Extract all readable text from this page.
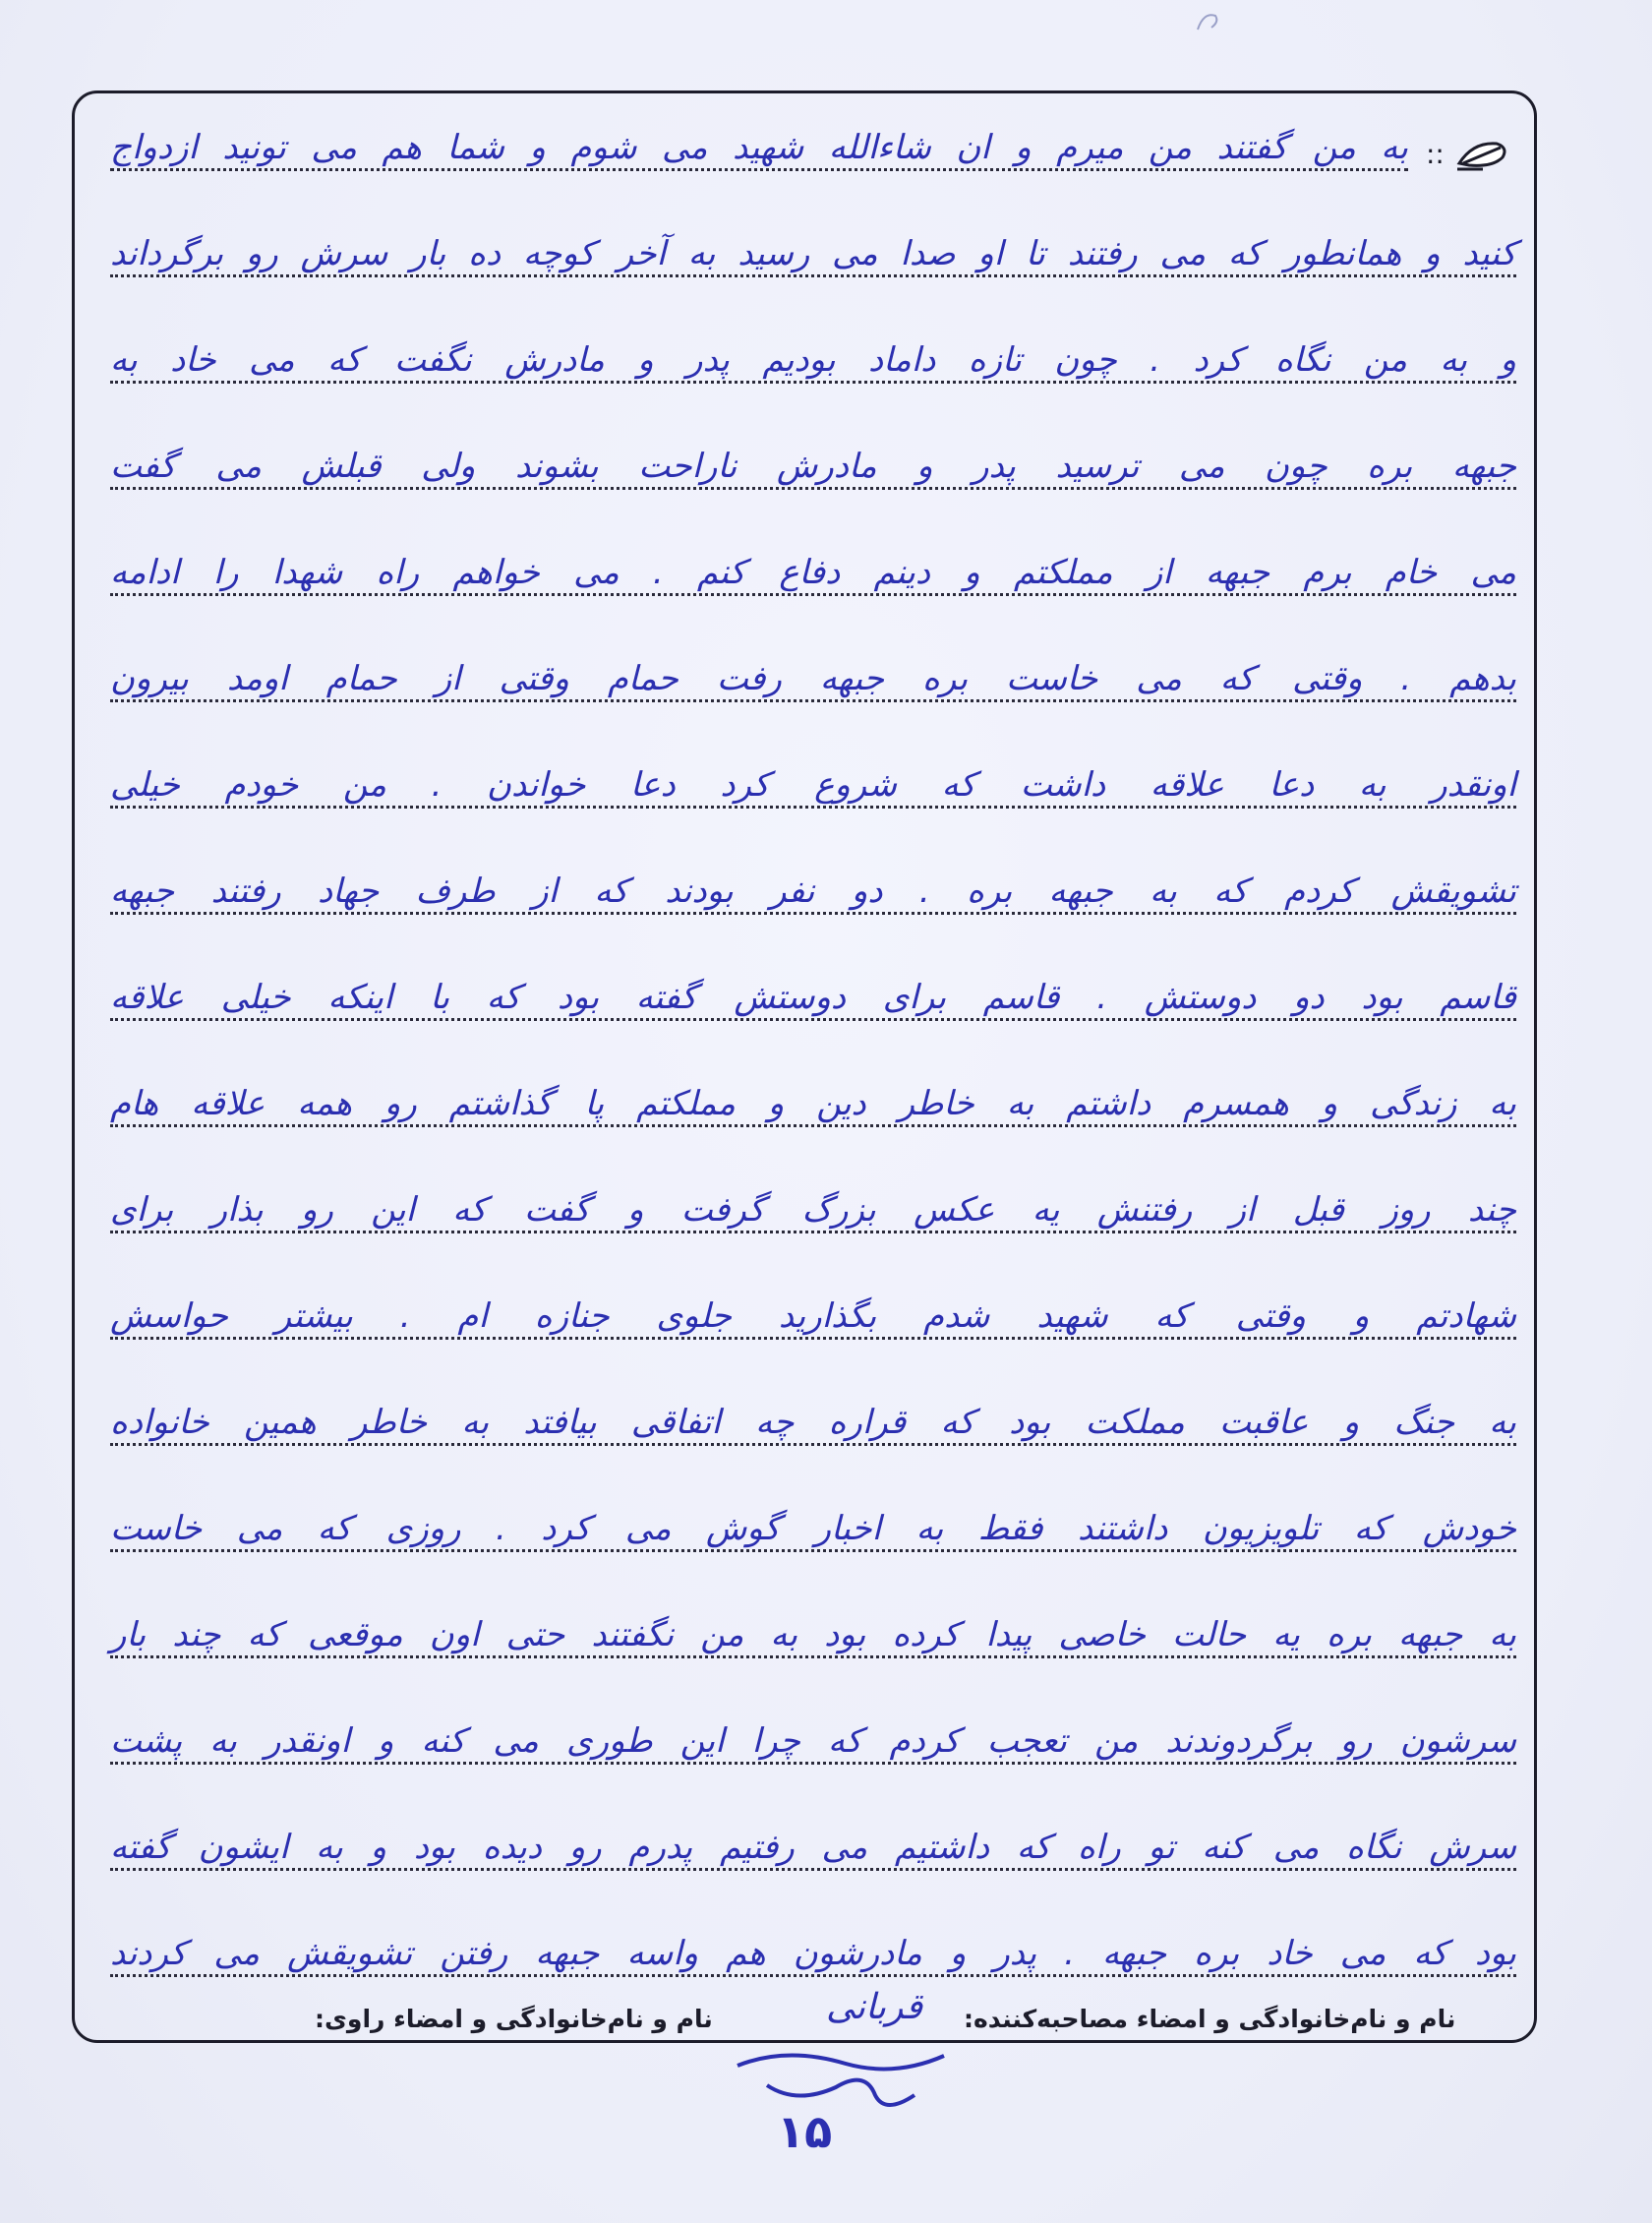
::
به من گفتند من میرم و ان شاءالله شهید می شوم و شما هم می تونید ازدواج
کنید و همانطور که می رفتند تا او صدا می رسید به آخر کوچه ده بار سرش رو برگرداند
و به من نگاه کرد . چون تازه داماد بودیم پدر و مادرش نگفت که می خاد به
جبهه بره چون می ترسید پدر و مادرش ناراحت بشوند ولی قبلش می گفت
می خام برم جبهه از مملکتم و دینم دفاع کنم . می خواهم راه شهدا را ادامه
بدهم . وقتی که می خاست بره جبهه رفت حمام وقتی از حمام اومد بیرون
اونقدر به دعا علاقه داشت که شروع کرد دعا خواندن . من خودم خیلی
تشویقش کردم که به جبهه بره . دو نفر بودند که از طرف جهاد رفتند جبهه
قاسم بود دو دوستش . قاسم برای دوستش گفته بود که با اینکه خیلی علاقه
به زندگی و همسرم داشتم به خاطر دین و مملکتم پا گذاشتم رو همه علاقه هام
چند روز قبل از رفتنش یه عکس بزرگ گرفت و گفت که این رو بذار برای
شهادتم و وقتی که شهید شدم بگذارید جلوی جنازه ام . بیشتر حواسش
به جنگ و عاقبت مملکت بود که قراره چه اتفاقی بیافتد به خاطر همین خانواده
خودش که تلویزیون داشتند فقط به اخبار گوش می کرد . روزی که می خاست
به جبهه بره یه حالت خاصی پیدا کرده بود به من نگفتند حتی اون موقعی که چند بار
سرشون رو برگردوندند من تعجب کردم که چرا این طوری می کنه و اونقدر به پشت
سرش نگاه می کنه تو راه که داشتیم می رفتیم پدرم رو دیده بود و به ایشون گفته
بود که می خاد بره جبهه . پدر و مادرشون هم واسه جبهه رفتن تشویقش می کردند
نام و نام‌خانوادگی و امضاء مصاحبه‌کننده:
قربانی
نام و نام‌خانوادگی و امضاء راوی:
۱۵
